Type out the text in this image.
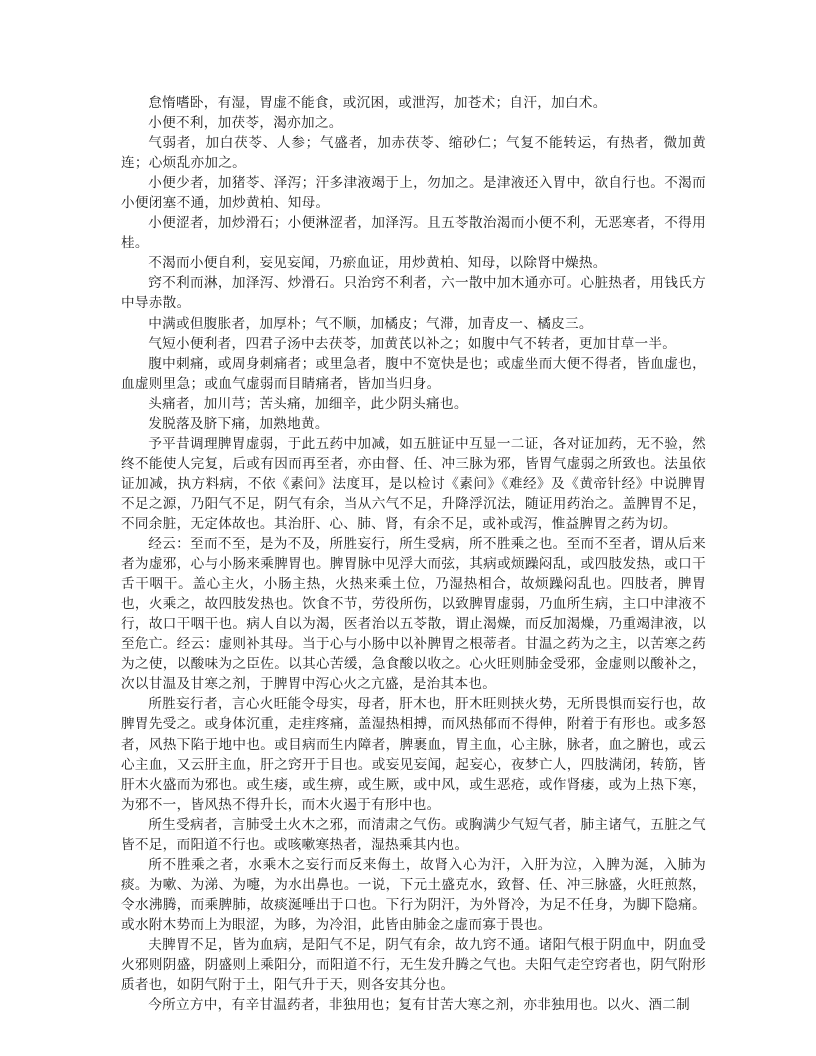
怠惰嗜卧，有湿，胃虚不能食，或沉困，或泄泻，加苍术；自汗，加白术。

小便不利，加茯苓，渴亦加之。

气弱者，加白茯苓、人参；气盛者，加赤茯苓、缩砂仁；气复不能转运，有热者，微加黄连；心烦乱亦加之。

小便少者，加猪苓、泽泻；汗多津液竭于上，勿加之。是津液还入胃中，欲自行也。不渴而小便闭塞不通，加炒黄柏、知母。

小便涩者，加炒滑石；小便淋涩者，加泽泻。且五苓散治渴而小便不利，无恶寒者，不得用桂。

不渴而小便自利，妄见妄闻，乃瘀血证，用炒黄柏、知母，以除肾中燥热。

窍不利而淋，加泽泻、炒滑石。只治窍不利者，六一散中加木通亦可。心脏热者，用钱氏方中导赤散。

中满或但腹胀者，加厚朴；气不顺，加橘皮；气滞，加青皮一、橘皮三。

气短小便利者，四君子汤中去茯苓，加黄芪以补之；如腹中气不转者，更加甘草一半。

腹中刺痛，或周身刺痛者；或里急者，腹中不宽快是也；或虚坐而大便不得者，皆血虚也，血虚则里急；或血气虚弱而目睛痛者，皆加当归身。

头痛者，加川芎；苦头痛，加细辛，此少阴头痛也。

发脱落及脐下痛，加熟地黄。

予平昔调理脾胃虚弱，于此五药中加减，如五脏证中互显一二证，各对证加药，无不验，然终不能使人完复，后或有因而再至者，亦由督、任、冲三脉为邪，皆胃气虚弱之所致也。法虽依证加减，执方料病，不依《素问》法度耳，是以检讨《素问》《难经》及《黄帝针经》中说脾胃不足之源，乃阳气不足，阴气有余，当从六气不足，升降浮沉法，随证用药治之。盖脾胃不足，不同余脏，无定体故也。其治肝、心、肺、肾，有余不足，或补或泻，惟益脾胃之药为切。

经云：至而不至，是为不及，所胜妄行，所生受病，所不胜乘之也。至而不至者，谓从后来者为虚邪，心与小肠来乘脾胃也。脾胃脉中见浮大而弦，其病或烦躁闷乱，或四肢发热，或口干舌干咽干。盖心主火，小肠主热，火热来乘土位，乃湿热相合，故烦躁闷乱也。四肢者，脾胃也，火乘之，故四肢发热也。饮食不节，劳役所伤，以致脾胃虚弱，乃血所生病，主口中津液不行，故口干咽干也。病人自以为渴，医者治以五苓散，谓止渴燥，而反加渴燥，乃重竭津液，以至危亡。经云：虚则补其母。当于心与小肠中以补脾胃之根蒂者。甘温之药为之主，以苦寒之药为之使，以酸味为之臣佐。以其心苦缓，急食酸以收之。心火旺则肺金受邪，金虚则以酸补之，次以甘温及甘寒之剂，于脾胃中泻心火之亢盛，是治其本也。

所胜妄行者，言心火旺能令母实，母者，肝木也，肝木旺则挟火势，无所畏惧而妄行也，故脾胃先受之。或身体沉重，走疰疼痛，盖湿热相搏，而风热郁而不得伸，附着于有形也。或多怒者，风热下陷于地中也。或目病而生内障者，脾裹血，胃主血，心主脉，脉者，血之腑也，或云心主血，又云肝主血，肝之窍开于目也。或妄见妄闻，起妄心，夜梦亡人，四肢满闭，转筋，皆肝木火盛而为邪也。或生痿，或生痹，或生厥，或中风，或生恶疮，或作肾痿，或为上热下寒，为邪不一，皆风热不得升长，而木火遏于有形中也。

所生受病者，言肺受土火木之邪，而清肃之气伤。或胸满少气短气者，肺主诸气，五脏之气皆不足，而阳道不行也。或咳嗽寒热者，湿热乘其内也。

所不胜乘之者，水乘木之妄行而反来侮土，故肾入心为汗，入肝为泣，入脾为涎，入肺为痰。为嗽、为涕、为嚏，为水出鼻也。一说，下元土盛克水，致督、任、冲三脉盛，火旺煎熬，令水沸腾，而乘脾肺，故痰涎唾出于口也。下行为阴汗，为外肾冷，为足不任身，为脚下隐痛。或水附木势而上为眼涩，为眵，为冷泪，此皆由肺金之虚而寡于畏也。

夫脾胃不足，皆为血病，是阳气不足，阴气有余，故九窍不通。诸阳气根于阴血中，阴血受火邪则阴盛，阴盛则上乘阳分，而阳道不行，无生发升腾之气也。夫阳气走空窍者也，阴气附形质者也，如阴气附于土，阳气升于天，则各安其分也。

今所立方中，有辛甘温药者，非独用也；复有甘苦大寒之剂，亦非独用也。以火、酒二制
